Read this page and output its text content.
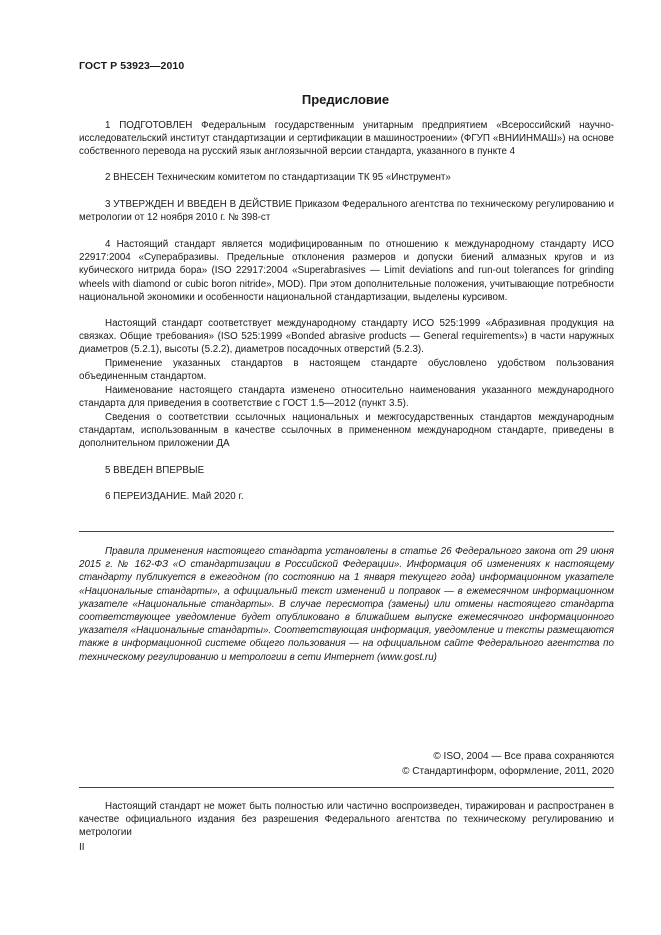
ГОСТ Р 53923—2010
Предисловие

1 ПОДГОТОВЛЕН Федеральным государственным унитарным предприятием «Всероссийский научно-исследовательский институт стандартизации и сертификации в машиностроении» (ФГУП «ВНИИНМАШ») на основе собственного перевода на русский язык англоязычной версии стандарта, указанного в пункте 4

2 ВНЕСЕН Техническим комитетом по стандартизации ТК 95 «Инструмент»

3 УТВЕРЖДЕН И ВВЕДЕН В ДЕЙСТВИЕ Приказом Федерального агентства по техническому регулированию и метрологии от 12 ноября 2010 г. № 398-ст

4 Настоящий стандарт является модифицированным по отношению к международному стандарту ИСО 22917:2004 «Суперабразивы. Предельные отклонения размеров и допуски биений алмазных кругов и из кубического нитрида бора» (ISO 22917:2004 «Superabrasives — Limit deviations and run-out tolerances for grinding wheels with diamond or cubic boron nitride», MOD). При этом дополнительные положения, учитывающие потребности национальной экономики и особенности национальной стандартизации, выделены курсивом.

Настоящий стандарт соответствует международному стандарту ИСО 525:1999 «Абразивная продукция на связках. Общие требования» (ISO 525:1999 «Bonded abrasive products — General requirements») в части наружных диаметров (5.2.1), высоты (5.2.2), диаметров посадочных отверстий (5.2.3).

Применение указанных стандартов в настоящем стандарте обусловлено удобством пользования объединенным стандартом.

Наименование настоящего стандарта изменено относительно наименования указанного международного стандарта для приведения в соответствие с ГОСТ 1.5—2012 (пункт 3.5).

Сведения о соответствии ссылочных национальных и межгосударственных стандартов международным стандартам, использованным в качестве ссылочных в примененном международном стандарте, приведены в дополнительном приложении ДА

5 ВВЕДЕН ВПЕРВЫЕ

6 ПЕРЕИЗДАНИЕ. Май 2020 г.

Правила применения настоящего стандарта установлены в статье 26 Федерального закона от 29 июня 2015 г. № 162-ФЗ «О стандартизации в Российской Федерации». Информация об изменениях к настоящему стандарту публикуется в ежегодном (по состоянию на 1 января текущего года) информационном указателе «Национальные стандарты», а официальный текст изменений и поправок — в ежемесячном информационном указателе «Национальные стандарты». В случае пересмотра (замены) или отмены настоящего стандарта соответствующее уведомление будет опубликовано в ближайшем выпуске ежемесячного информационного указателя «Национальные стандарты». Соответствующая информация, уведомление и тексты размещаются также в информационной системе общего пользования — на официальном сайте Федерального агентства по техническому регулированию и метрологии в сети Интернет (www.gost.ru)

© ISO, 2004 — Все права сохраняются
© Стандартинформ, оформление, 2011, 2020

Настоящий стандарт не может быть полностью или частично воспроизведен, тиражирован и распространен в качестве официального издания без разрешения Федерального агентства по техническому регулированию и метрологии

II
